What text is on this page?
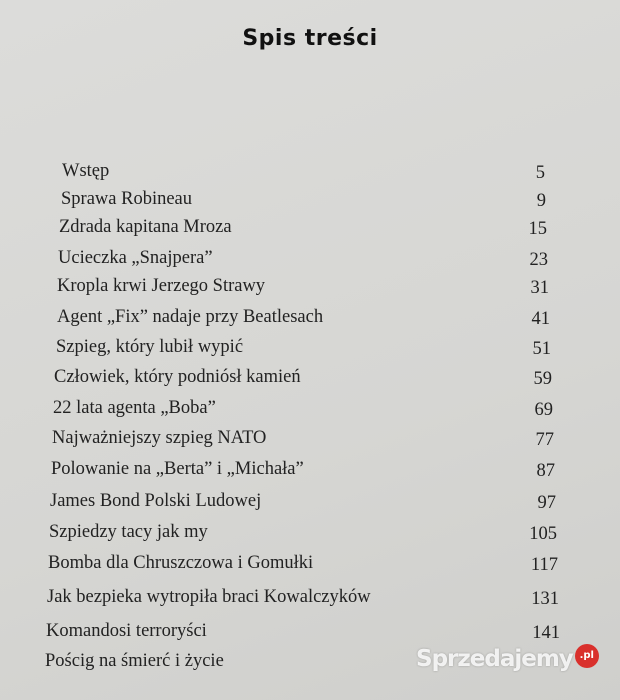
Spis treści
Wstęp	5
Sprawa Robineau	9
Zdrada kapitana Mroza	15
Ucieczka „Snajpera”	23
Kropla krwi Jerzego Strawy	31
Agent „Fix” nadaje przy Beatlesach	41
Szpieg, który lubił wypić	51
Człowiek, który podniósł kamień	59
22 lata agenta „Boba”	69
Najważniejszy szpieg NATO	77
Polowanie na „Berta” i „Michała”	87
James Bond Polski Ludowej	97
Szpiedzy tacy jak my	105
Bomba dla Chruszczowa i Gomułki	117
Jak bezpieka wytropiła braci Kowalczyków	131
Komandosi terroryści	141
Pościg na śmierć i życie	Sprzedajemy .pl
